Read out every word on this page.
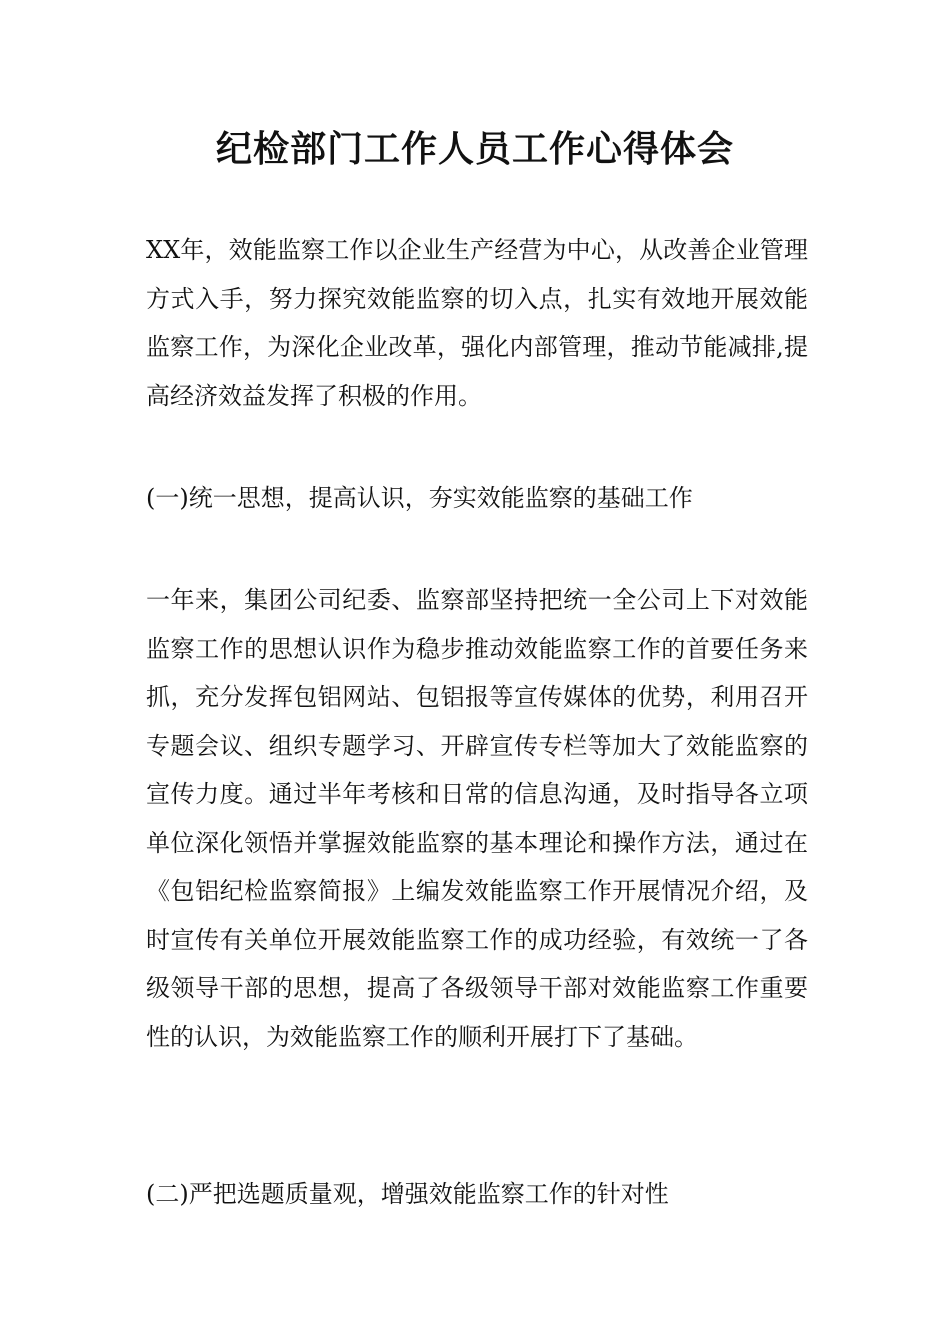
纪检部门工作人员工作心得体会

XX年，效能监察工作以企业生产经营为中心，从改善企业管理方式入手，努力探究效能监察的切入点，扎实有效地开展效能监察工作，为深化企业改革，强化内部管理，推动节能减排,提高经济效益发挥了积极的作用。

(一)统一思想，提高认识，夯实效能监察的基础工作

一年来，集团公司纪委、监察部坚持把统一全公司上下对效能监察工作的思想认识作为稳步推动效能监察工作的首要任务来抓，充分发挥包铝网站、包铝报等宣传媒体的优势，利用召开专题会议、组织专题学习、开辟宣传专栏等加大了效能监察的宣传力度。通过半年考核和日常的信息沟通，及时指导各立项单位深化领悟并掌握效能监察的基本理论和操作方法，通过在《包铝纪检监察简报》上编发效能监察工作开展情况介绍，及时宣传有关单位开展效能监察工作的成功经验，有效统一了各级领导干部的思想，提高了各级领导干部对效能监察工作重要性的认识，为效能监察工作的顺利开展打下了基础。

(二)严把选题质量观，增强效能监察工作的针对性
